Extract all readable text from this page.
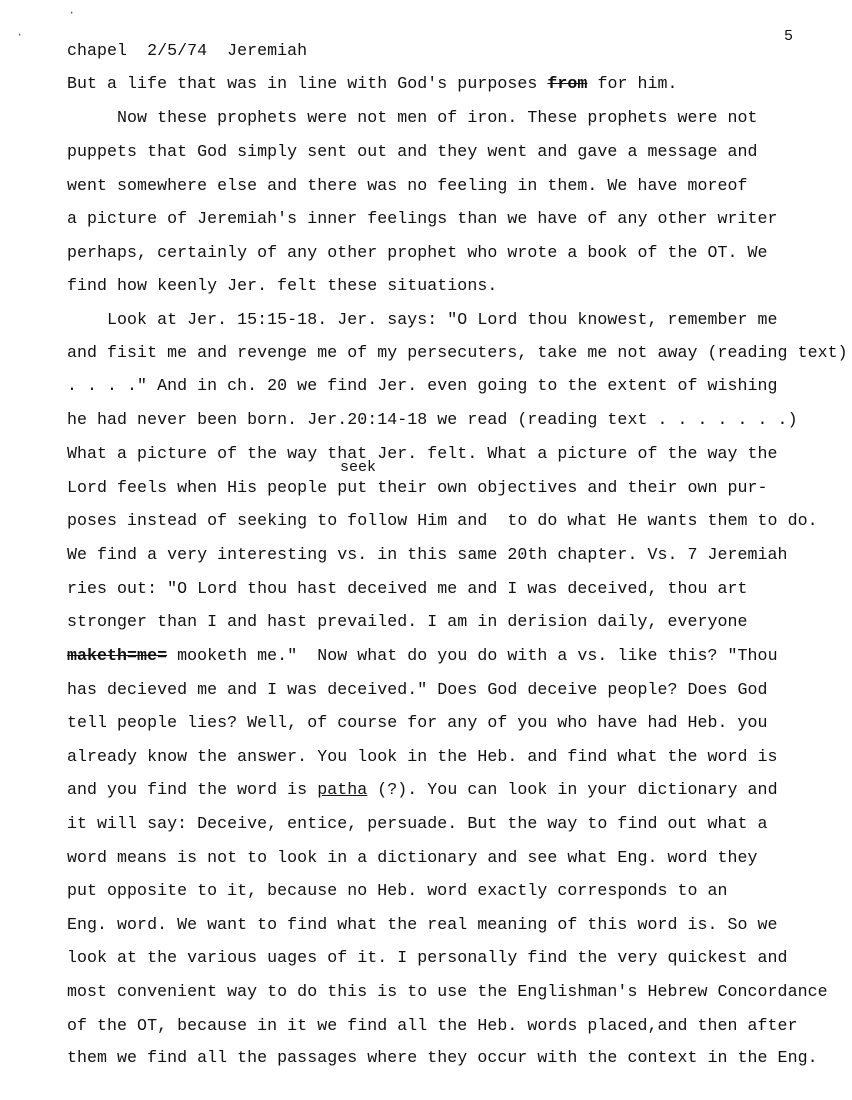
·
·	5
chapel  2/5/74  Jeremiah
But a life that was in line with God's purposes from for him.
Now these prophets were not men of iron. These prophets were not
puppets that God simply sent out and they went and gave a message and
went somewhere else and there was no feeling in them. We have moreof
a picture of Jeremiah's inner feelings than we have of any other writer
perhaps, certainly of any other prophet who wrote a book of the OT. We
find how keenly Jer. felt these situations.
Look at Jer. 15:15-18. Jer. says: "O Lord thou knowest, remember me
and fisit me and revenge me of my persecuters, take me not away (reading text)
. . . ." And in ch. 20 we find Jer. even going to the extent of wishing
he had never been born. Jer.20:14-18 we read (reading text . . . . . . .)
What a picture of the way that Jer. felt. What a picture of the way the
seek
Lord feels when His people put their own objectives and their own pur-
poses instead of seeking to follow Him and  to do what He wants them to do.
We find a very interesting vs. in this same 20th chapter. Vs. 7 Jeremiah
ries out: "O Lord thou hast deceived me and I was deceived, thou art
stronger than I and hast prevailed. I am in derision daily, everyone
maketh=me= mooketh me."  Now what do you do with a vs. like this? "Thou
has decieved me and I was deceived." Does God deceive people? Does God
tell people lies? Well, of course for any of you who have had Heb. you
already know the answer. You look in the Heb. and find what the word is
and you find the word is patha (?). You can look in your dictionary and
it will say: Deceive, entice, persuade. But the way to find out what a
word means is not to look in a dictionary and see what Eng. word they
put opposite to it, because no Heb. word exactly corresponds to an
Eng. word. We want to find what the real meaning of this word is. So we
look at the various uages of it. I personally find the very quickest and
most convenient way to do this is to use the Englishman's Hebrew Concordance
of the OT, because in it we find all the Heb. words placed,and then after
them we find all the passages where they occur with the context in the Eng.
